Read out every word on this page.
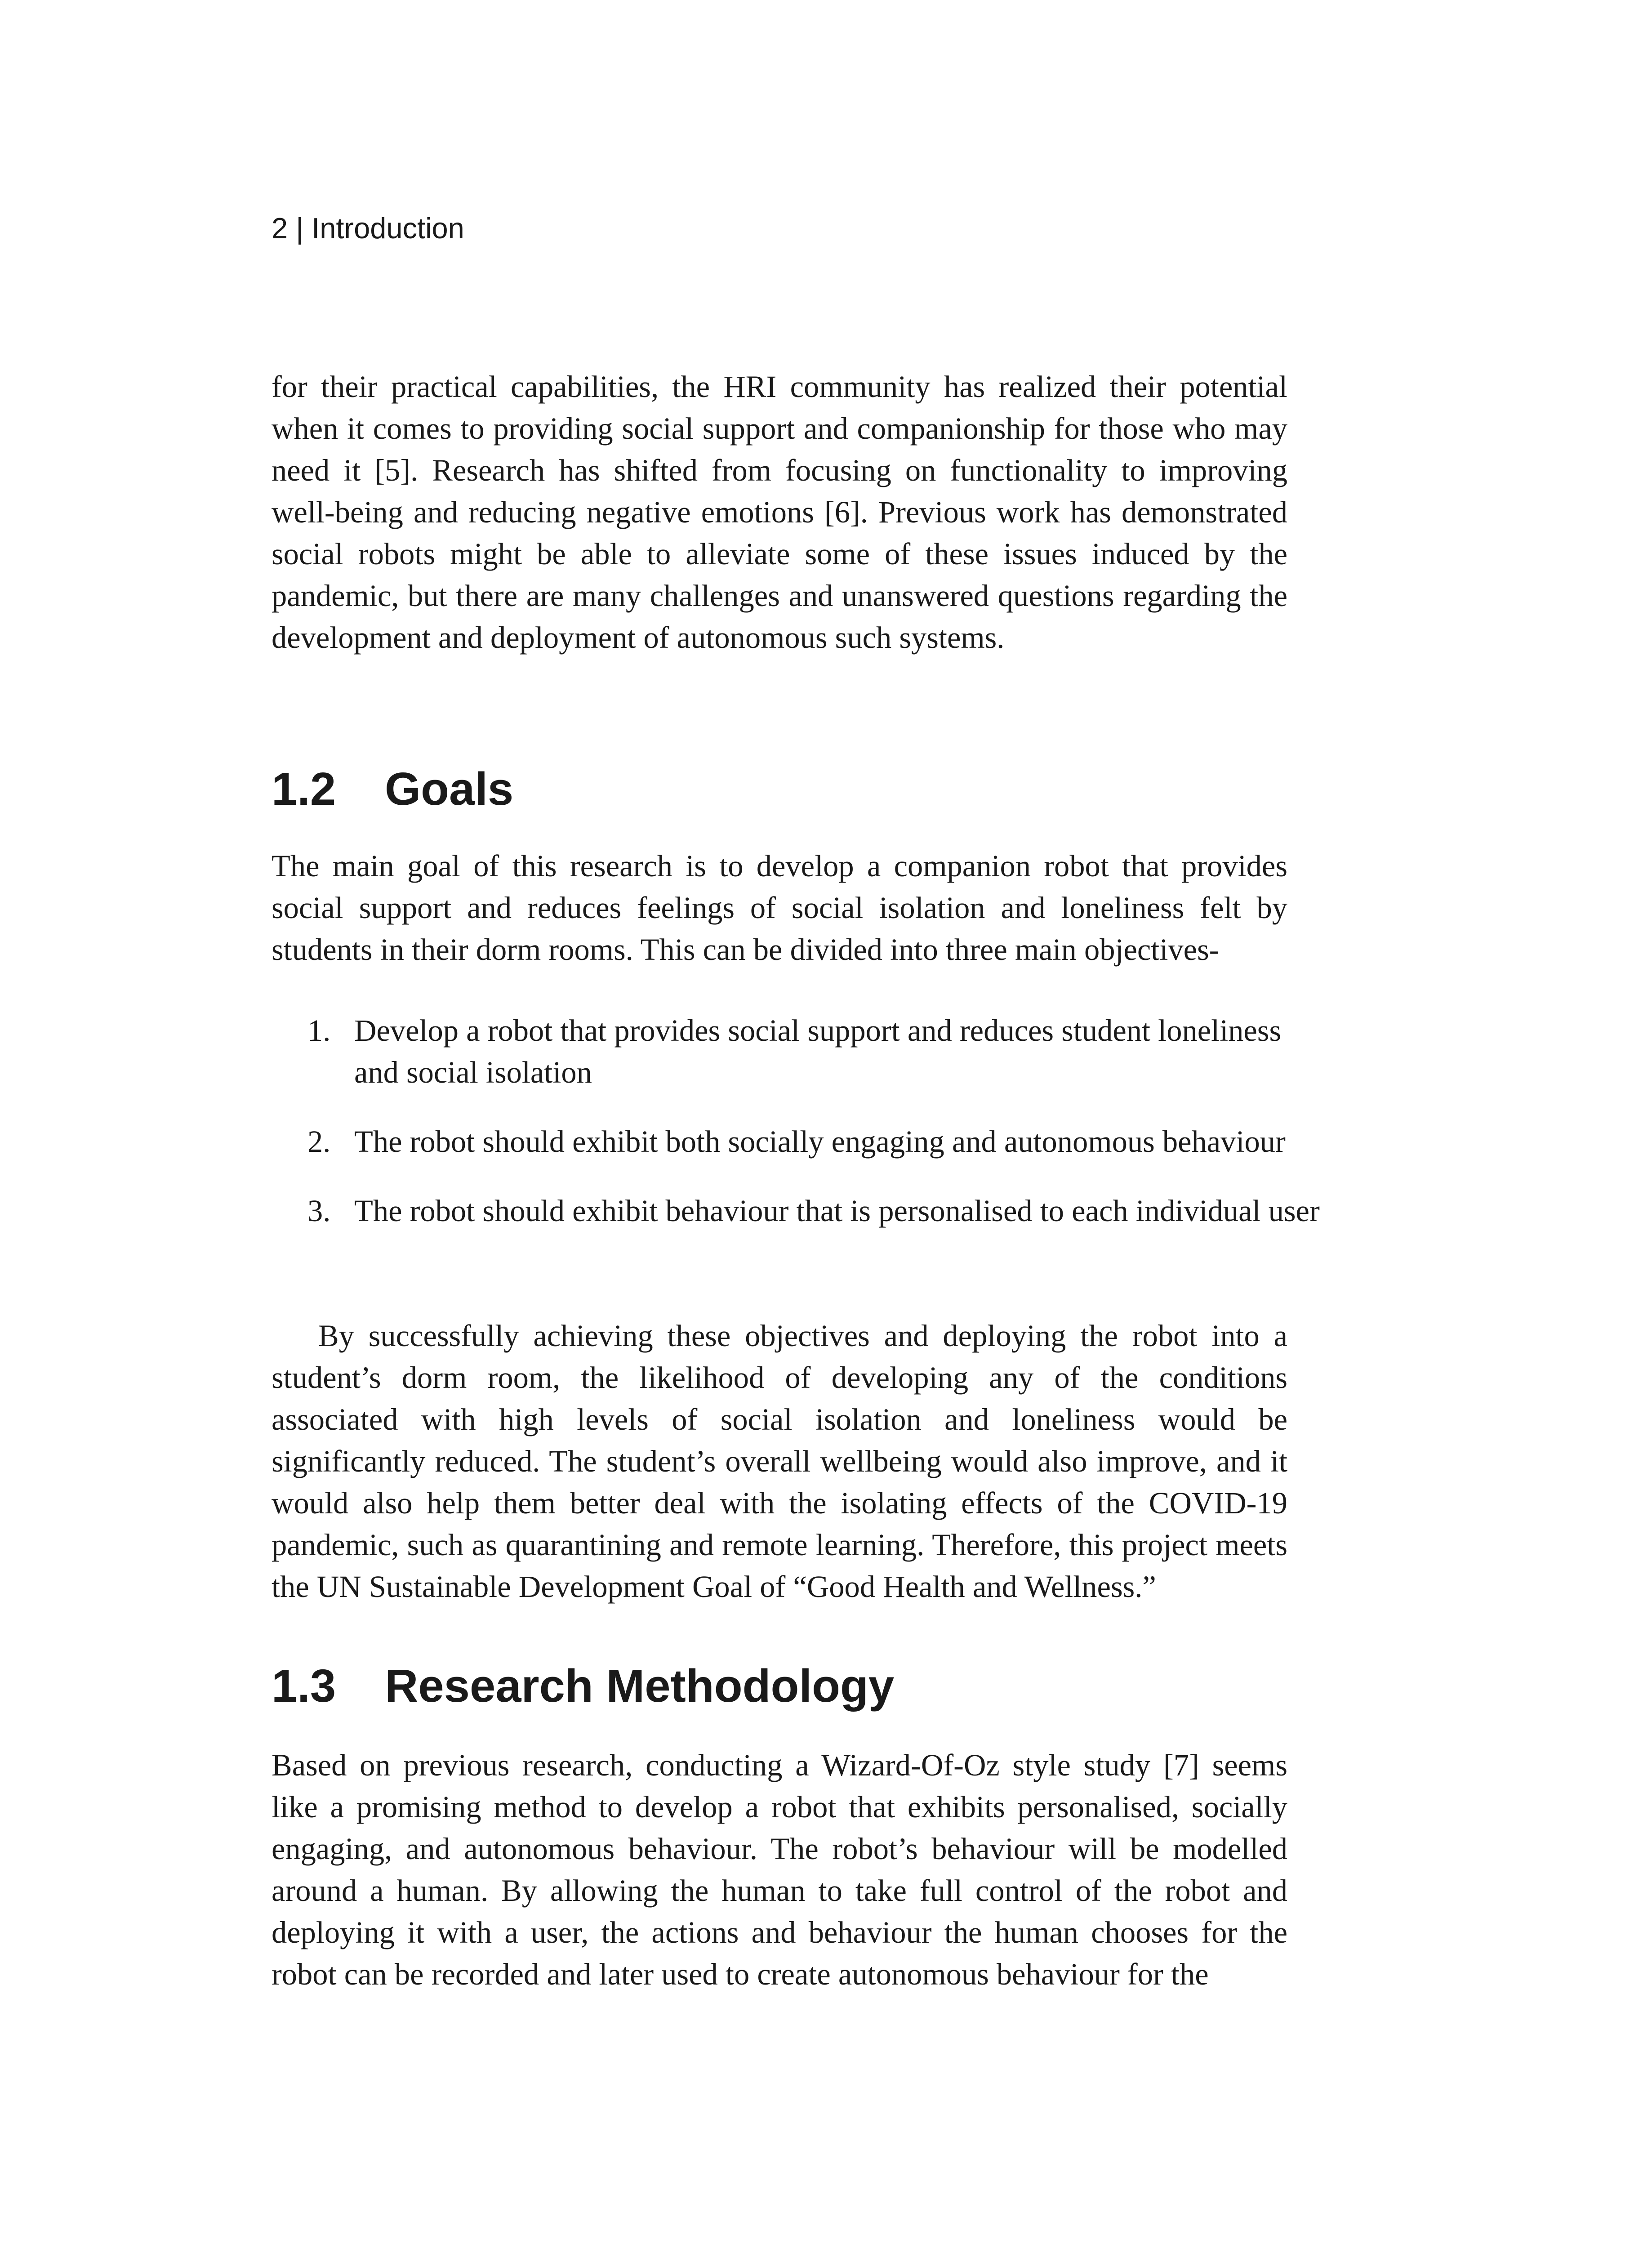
2 | Introduction

for their practical capabilities, the HRI community has realized their potential when it comes to providing social support and companionship for those who may need it [5]. Research has shifted from focusing on functionality to improving well-being and reducing negative emotions [6]. Previous work has demonstrated social robots might be able to alleviate some of these issues induced by the pandemic, but there are many challenges and unanswered questions regarding the development and deployment of autonomous such systems.

1.2 Goals

The main goal of this research is to develop a companion robot that provides social support and reduces feelings of social isolation and loneliness felt by students in their dorm rooms. This can be divided into three main objectives-

1. Develop a robot that provides social support and reduces student loneliness and social isolation
2. The robot should exhibit both socially engaging and autonomous behaviour
3. The robot should exhibit behaviour that is personalised to each individual user

By successfully achieving these objectives and deploying the robot into a student’s dorm room, the likelihood of developing any of the conditions associated with high levels of social isolation and loneliness would be significantly reduced. The student’s overall wellbeing would also improve, and it would also help them better deal with the isolating effects of the COVID-19 pandemic, such as quarantining and remote learning. Therefore, this project meets the UN Sustainable Development Goal of “Good Health and Wellness.”

1.3 Research Methodology

Based on previous research, conducting a Wizard-Of-Oz style study [7] seems like a promising method to develop a robot that exhibits personalised, socially engaging, and autonomous behaviour. The robot’s behaviour will be modelled around a human. By allowing the human to take full control of the robot and deploying it with a user, the actions and behaviour the human chooses for the robot can be recorded and later used to create autonomous behaviour for the
